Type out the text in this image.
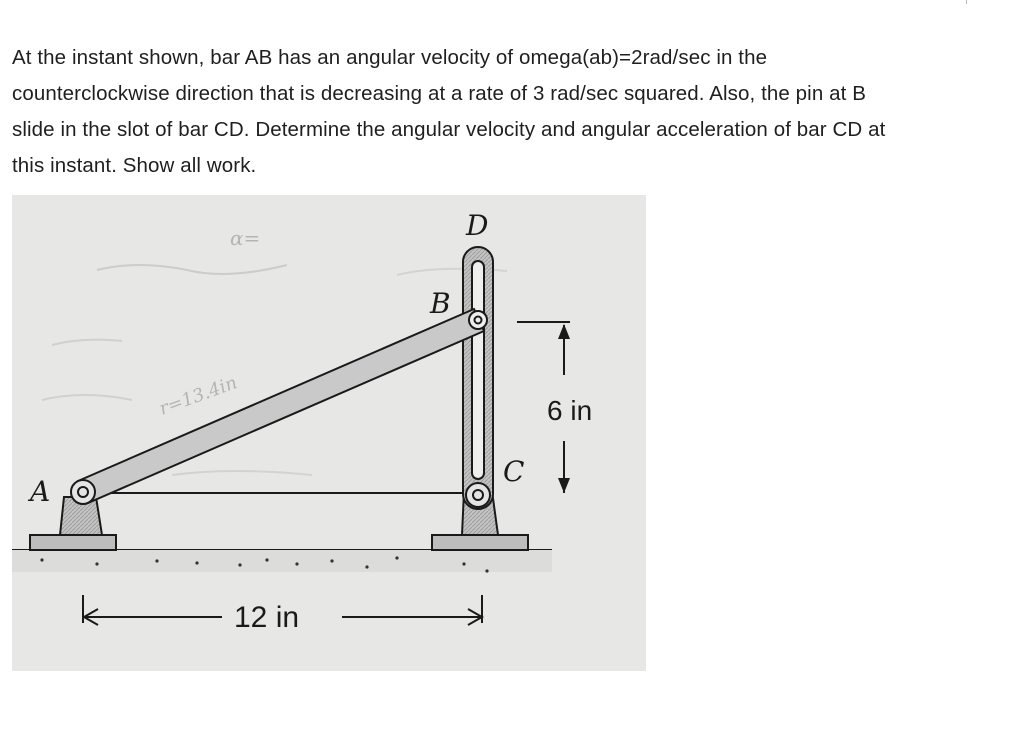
At the instant shown, bar AB has an angular velocity of omega(ab)=2rad/sec in the
counterclockwise direction that is decreasing at a rate of 3 rad/sec squared. Also, the pin at B
slide in the slot of bar CD. Determine the angular velocity and angular acceleration of bar CD at
this instant. Show all work.
α=
r=13.4in
A
B
C
D
6 in
12 in
